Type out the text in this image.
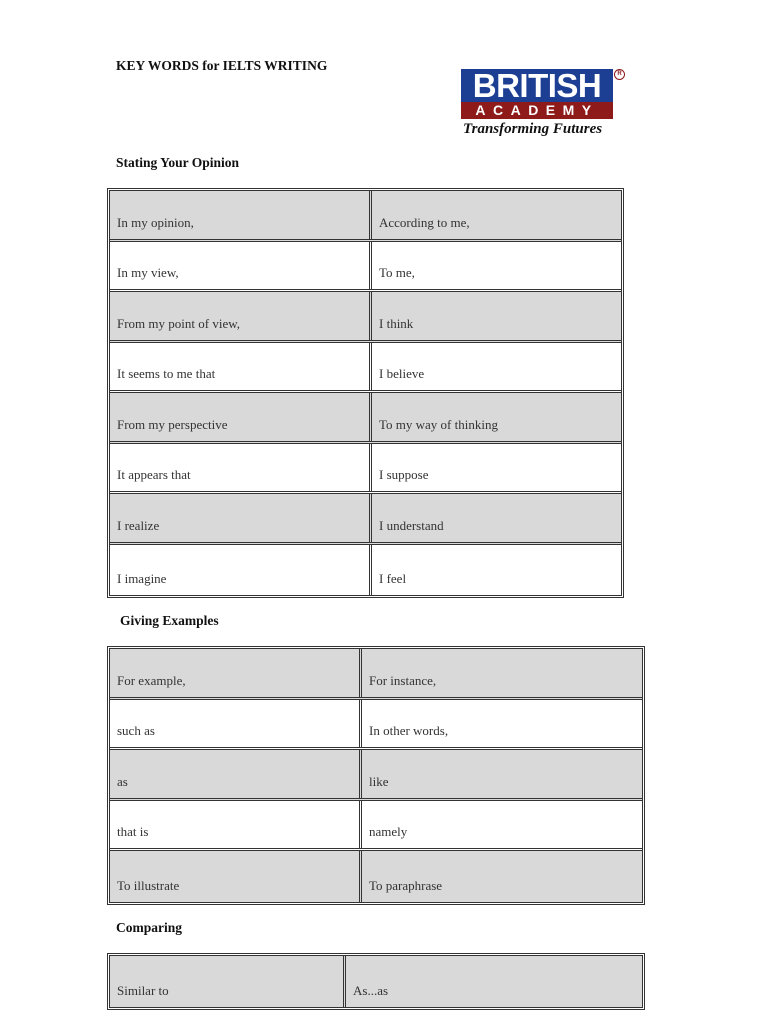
KEY WORDS for IELTS WRITING
BRITISH
ACADEMY
Transforming Futures
R
Stating Your Opinion
In my opinion,	According to me,
In my view,	To me,
From my point of view,	I think
It seems to me that	I believe
From my perspective	To my way of thinking
It appears that	I suppose
I realize	I understand
I imagine	I feel
Giving Examples
For example,	For instance,
such as	In other words,
as	like
that is	namely
To illustrate	To paraphrase
Comparing
Similar to	As...as
